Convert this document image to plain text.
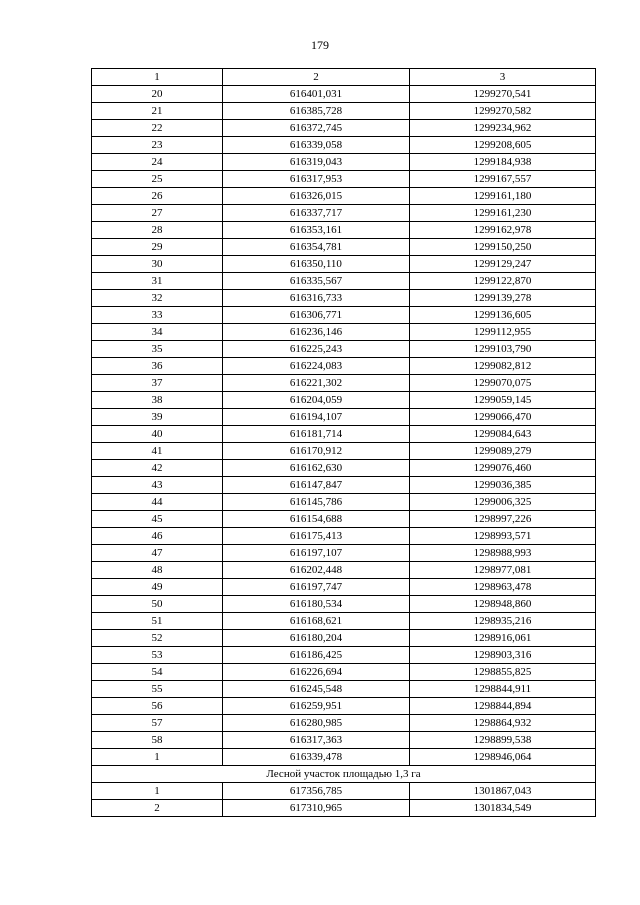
179
1	2	3
20	616401,031	1299270,541
21	616385,728	1299270,582
22	616372,745	1299234,962
23	616339,058	1299208,605
24	616319,043	1299184,938
25	616317,953	1299167,557
26	616326,015	1299161,180
27	616337,717	1299161,230
28	616353,161	1299162,978
29	616354,781	1299150,250
30	616350,110	1299129,247
31	616335,567	1299122,870
32	616316,733	1299139,278
33	616306,771	1299136,605
34	616236,146	1299112,955
35	616225,243	1299103,790
36	616224,083	1299082,812
37	616221,302	1299070,075
38	616204,059	1299059,145
39	616194,107	1299066,470
40	616181,714	1299084,643
41	616170,912	1299089,279
42	616162,630	1299076,460
43	616147,847	1299036,385
44	616145,786	1299006,325
45	616154,688	1298997,226
46	616175,413	1298993,571
47	616197,107	1298988,993
48	616202,448	1298977,081
49	616197,747	1298963,478
50	616180,534	1298948,860
51	616168,621	1298935,216
52	616180,204	1298916,061
53	616186,425	1298903,316
54	616226,694	1298855,825
55	616245,548	1298844,911
56	616259,951	1298844,894
57	616280,985	1298864,932
58	616317,363	1298899,538
1	616339,478	1298946,064
Лесной участок площадью 1,3 га		
1	617356,785	1301867,043
2	617310,965	1301834,549
